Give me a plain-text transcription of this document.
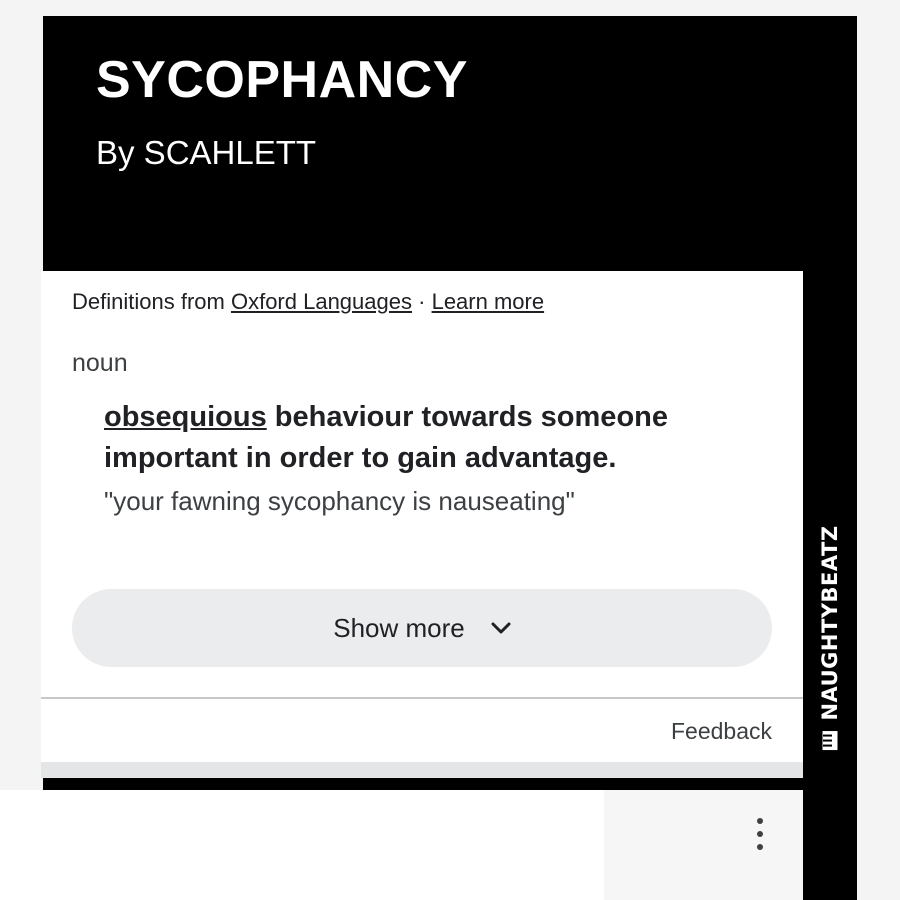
SYCOPHANCY
By SCAHLETT
Definitions from Oxford Languages · Learn more
noun
obsequious behaviour towards someone important in order to gain advantage.
"your fawning sycophancy is nauseating"
Show more
Feedback
NAUGHTYBEATZ
